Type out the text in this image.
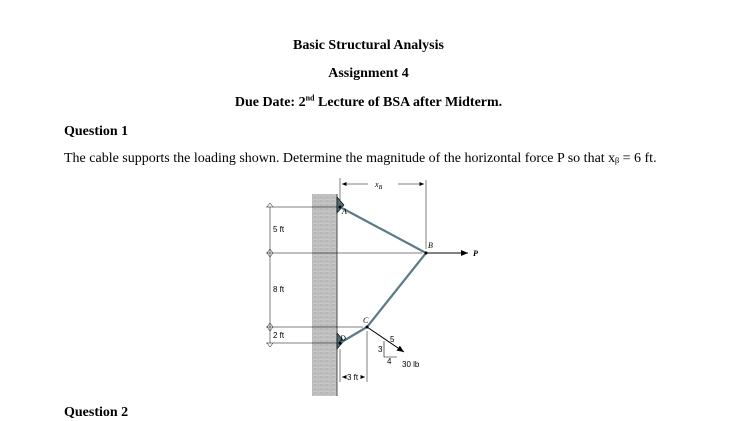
Basic Structural Analysis
Assignment 4
Due Date: 2nd Lecture of BSA after Midterm.
Question 1
The cable supports the loading shown. Determine the magnitude of the horizontal force P so that xᵦ = 6 ft.
5 ft
8 ft
2 ft
$x_B$
3 ft
A
B
C
D
P
30 lb
5
3
4
Question 2
